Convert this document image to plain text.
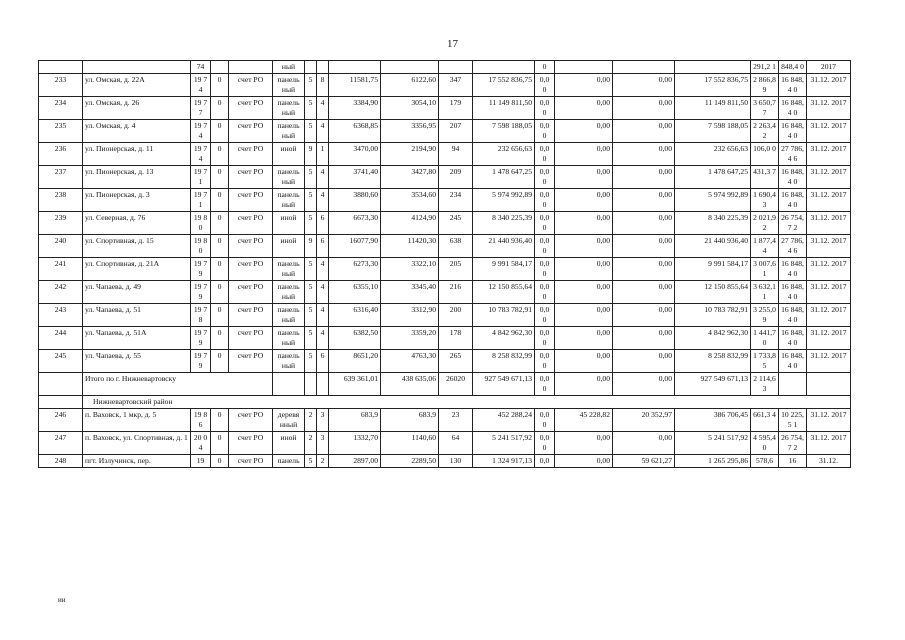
17
		74			ный							0				291,2 1	848,4 0	2017
233	ул. Омская, д. 22А	19 74	0	счет РО	панель ный	5	8	11581,75	6122,60	347	17 552 836,75	0,0 0	0,00	0,00	17 552 836,75	2 866,8 9	16 848,4 0	31.12. 2017
234	ул. Омская, д. 26	19 77	0	счет РО	панель ный	5	4	3384,90	3054,10	179	11 149 811,50	0,0 0	0,00	0,00	11 149 811,50	3 650,7 7	16 848,4 0	31.12. 2017
235	ул. Омская, д. 4	19 74	0	счет РО	панель ный	5	4	6368,85	3356,95	207	7 598 188,05	0,0 0	0,00	0,00	7 598 188,05	2 263,4 2	16 848,4 0	31.12. 2017
236	ул. Пионерская, д. 11	19 74	0	счет РО	иной	9	1	3470,00	2194,90	94	232 656,63	0,0 0	0,00	0,00	232 656,63	106,0 0	27 786,4 6	31.12. 2017
237	ул. Пионерская, д. 13	19 71	0	счет РО	панель ный	5	4	3741,40	3427,80	209	1 478 647,25	0,0 0	0,00	0,00	1 478 647,25	431,3 7	16 848,4 0	31.12. 2017
238	ул. Пионерская, д. 3	19 71	0	счет РО	панель ный	5	4	3880,60	3534,60	234	5 974 992,89	0,0 0	0,00	0,00	5 974 992,89	1 690,4 3	16 848,4 0	31.12. 2017
239	ул. Северная, д. 76	19 80	0	счет РО	иной	5	6	6673,30	4124,90	245	8 340 225,39	0,0 0	0,00	0,00	8 340 225,39	2 021,9 2	26 754,7 2	31.12. 2017
240	ул. Спортивная, д. 15	19 80	0	счет РО	иной	9	6	16077,90	11420,30	638	21 440 936,40	0,0 0	0,00	0,00	21 440 936,40	1 877,4 4	27 786,4 6	31.12. 2017
241	ул. Спортивная, д. 21А	19 79	0	счет РО	панель ный	5	4	6273,30	3322,10	205	9 991 584,17	0,0 0	0,00	0,00	9 991 584,17	3 007,6 1	16 848,4 0	31.12. 2017
242	ул. Чапаева, д. 49	19 79	0	счет РО	панель ный	5	4	6355,10	3345,40	216	12 150 855,64	0,0 0	0,00	0,00	12 150 855,64	3 632,1 1	16 848,4 0	31.12. 2017
243	ул. Чапаева, д. 51	19 78	0	счет РО	панель ный	5	4	6316,40	3312,90	200	10 783 782,91	0,0 0	0,00	0,00	10 783 782,91	3 255,0 9	16 848,4 0	31.12. 2017
244	ул. Чапаева, д. 51А	19 79	0	счет РО	панель ный	5	4	6382,50	3359,20	178	4 842 962,30	0,0 0	0,00	0,00	4 842 962,30	1 441,7 0	16 848,4 0	31.12. 2017
245	ул. Чапаева, д. 55	19 79	0	счет РО	панель ный	5	6	8651,20	4763,30	265	8 258 832,99	0,0 0	0,00	0,00	8 258 832,99	1 733,8 5	16 848,4 0	31.12. 2017
	Итого по г. Нижневартовску							639 361,01	438 635,06	26020	927 549 671,13	0,0 0	0,00	0,00	927 549 671,13	2 114,6 3		
	Нижневартовский район																	
246	п. Ваховск, 1 мкр, д. 5	19 86	0	счет РО	деревя нный	2	3	683,9	683,9	23	452 288,24	0,0 0	45 228,82	20 352,97	386 706,45	661,3 4	10 225,5 1	31.12. 2017
247	п. Ваховск, ул. Спортивная, д. 1	20 04	0	счет РО	иной	2	3	1332,70	1140,60	64	5 241 517,92	0,0 0	0,00	0,00	5 241 517,92	4 595,4 0	26 754,7 2	31.12. 2017
248	пгт. Излучинск, пер.	19	0	счет РО	панель	5	2	2897,00	2289,50	130	1 324 917,13	0,0	0,00	59 621,27	1 265 295,86	578,6	16	31.12.
ии
